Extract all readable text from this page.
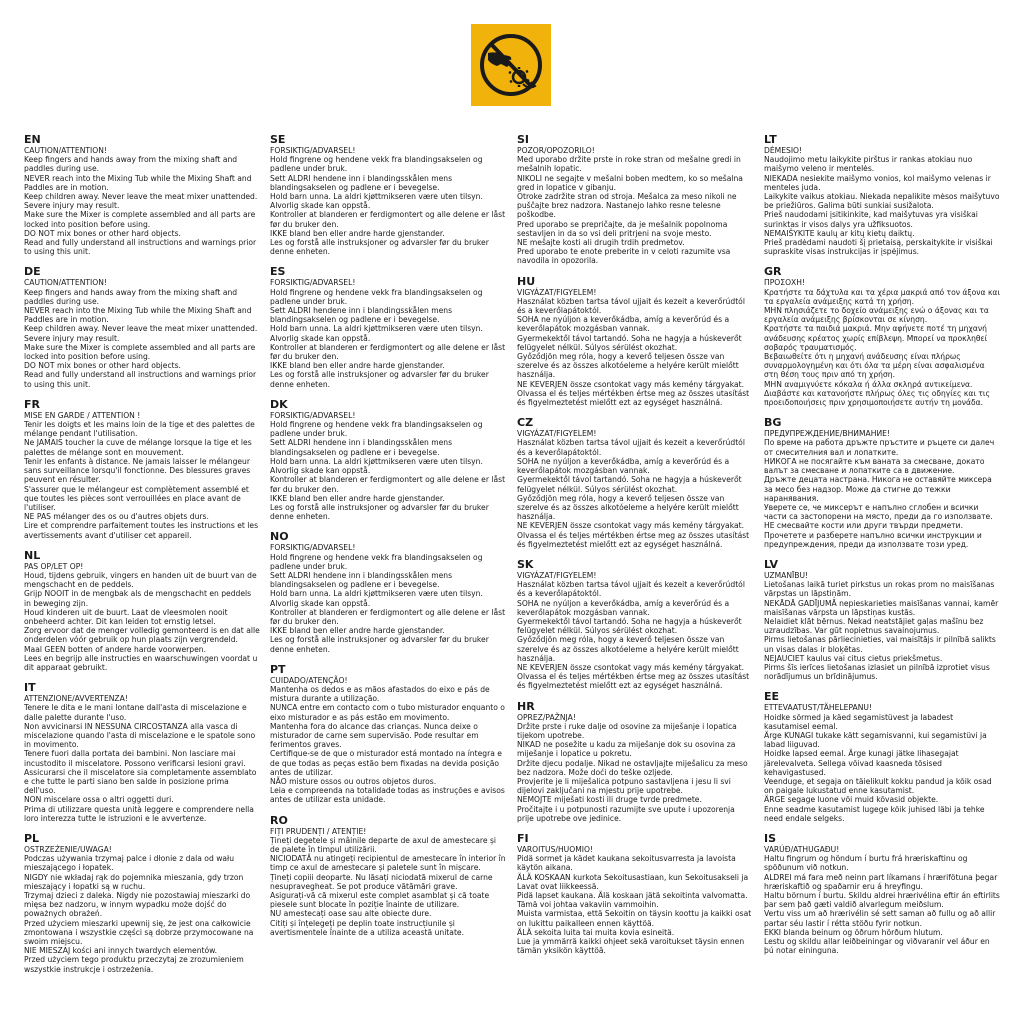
EN
CAUTION/ATTENTION!
Keep fingers and hands away from the mixing shaft and paddles during use.
NEVER reach into the Mixing Tub while the Mixing Shaft and Paddles are in motion.
Keep children away. Never leave the meat mixer unattended. Severe injury may result.
Make sure the Mixer is complete assembled and all parts are locked into position before using.
DO NOT mix bones or other hard objects.
Read and fully understand all instructions and warnings prior to using this unit.
DE
CAUTION/ATTENTION!
Keep fingers and hands away from the mixing shaft and paddles during use.
NEVER reach into the Mixing Tub while the Mixing Shaft and Paddles are in motion.
Keep children away. Never leave the meat mixer unattended. Severe injury may result.
Make sure the Mixer is complete assembled and all parts are locked into position before using.
DO NOT mix bones or other hard objects.
Read and fully understand all instructions and warnings prior to using this unit.
FR
MISE EN GARDE / ATTENTION !
Tenir les doigts et les mains loin de la tige et des palettes de mélange pendant l'utilisation.
Ne JAMAIS toucher la cuve de mélange lorsque la tige et les palettes de mélange sont en mouvement.
Tenir les enfants à distance. Ne jamais laisser le mélangeur sans surveillance lorsqu'il fonctionne. Des blessures graves peuvent en résulter.
S'assurer que le mélangeur est complètement assemblé et que toutes les pièces sont verrouillées en place avant de l'utiliser.
NE PAS mélanger des os ou d'autres objets durs.
Lire et comprendre parfaitement toutes les instructions et les avertissements avant d'utiliser cet appareil.
NL
PAS OP/LET OP!
Houd, tijdens gebruik, vingers en handen uit de buurt van de mengschacht en de peddels.
Grijp NOOIT in de mengbak als de mengschacht en peddels in beweging zijn.
Houd kinderen uit de buurt. Laat de vleesmolen nooit onbeheerd achter. Dit kan leiden tot ernstig letsel.
Zorg ervoor dat de menger volledig gemonteerd is en dat alle onderdelen vóór gebruik op hun plaats zijn vergrendeld.
Maal GEEN botten of andere harde voorwerpen.
Lees en begrijp alle instructies en waarschuwingen voordat u dit apparaat gebruikt.
IT
ATTENZIONE/AVVERTENZA!
Tenere le dita e le mani lontane dall'asta di miscelazione e dalle palette durante l'uso.
Non avvicinarsi IN NESSUNA CIRCOSTANZA alla vasca di miscelazione quando l'asta di miscelazione e le spatole sono in movimento.
Tenere fuori dalla portata dei bambini. Non lasciare mai incustodito il miscelatore. Possono verificarsi lesioni gravi.
Assicurarsi che il miscelatore sia completamente assemblato e che tutte le parti siano ben salde in posizione prima dell'uso.
NON miscelare ossa o altri oggetti duri.
Prima di utilizzare questa unità leggere e comprendere nella loro interezza tutte le istruzioni e le avvertenze.
PL
OSTRZEŻENIE/UWAGA!
Podczas używania trzymaj palce i dłonie z dala od wału mieszającego i łopatek.
NIGDY nie wkładaj rąk do pojemnika mieszania, gdy trzon mieszający i łopatki są w ruchu.
Trzymaj dzieci z daleka. Nigdy nie pozostawiaj mieszarki do mięsa bez nadzoru, w innym wypadku może dojść do poważnych obrażeń.
Przed użyciem mieszarki upewnij się, że jest ona całkowicie zmontowana i wszystkie części są dobrze przymocowane na swoim miejscu.
NIE MIESZAJ kości ani innych twardych elementów.
Przed użyciem tego produktu przeczytaj ze zrozumieniem wszystkie instrukcje i ostrzeżenia.
SE
FORSIKTIG/ADVARSEL!
Hold fingrene og hendene vekk fra blandingsakselen og padlene under bruk.
Sett ALDRI hendene inn i blandingsskålen mens blandingsakselen og padlene er i bevegelse.
Hold barn unna. La aldri kjøttmikseren være uten tilsyn. Alvorlig skade kan oppstå.
Kontroller at blanderen er ferdigmontert og alle delene er låst før du bruker den.
IKKE bland ben eller andre harde gjenstander.
Les og forstå alle instruksjoner og advarsler før du bruker denne enheten.
ES
FORSIKTIG/ADVARSEL!
Hold fingrene og hendene vekk fra blandingsakselen og padlene under bruk.
Sett ALDRI hendene inn i blandingsskålen mens blandingsakselen og padlene er i bevegelse.
Hold barn unna. La aldri kjøttmikseren være uten tilsyn. Alvorlig skade kan oppstå.
Kontroller at blanderen er ferdigmontert og alle delene er låst før du bruker den.
IKKE bland ben eller andre harde gjenstander.
Les og forstå alle instruksjoner og advarsler før du bruker denne enheten.
DK
FORSIKTIG/ADVARSEL!
Hold fingrene og hendene vekk fra blandingsakselen og padlene under bruk.
Sett ALDRI hendene inn i blandingsskålen mens blandingsakselen og padlene er i bevegelse.
Hold barn unna. La aldri kjøttmikseren være uten tilsyn. Alvorlig skade kan oppstå.
Kontroller at blanderen er ferdigmontert og alle delene er låst før du bruker den.
IKKE bland ben eller andre harde gjenstander.
Les og forstå alle instruksjoner og advarsler før du bruker denne enheten.
NO
FORSIKTIG/ADVARSEL!
Hold fingrene og hendene vekk fra blandingsakselen og padlene under bruk.
Sett ALDRI hendene inn i blandingsskålen mens blandingsakselen og padlene er i bevegelse.
Hold barn unna. La aldri kjøttmikseren være uten tilsyn. Alvorlig skade kan oppstå.
Kontroller at blanderen er ferdigmontert og alle delene er låst før du bruker den.
IKKE bland ben eller andre harde gjenstander.
Les og forstå alle instruksjoner og advarsler før du bruker denne enheten.
PT
CUIDADO/ATENÇÃO!
Mantenha os dedos e as mãos afastados do eixo e pás de mistura durante a utilização.
NUNCA entre em contacto com o tubo misturador enquanto o eixo misturador e as pás estão em movimento.
Mantenha fora do alcance das crianças. Nunca deixe o misturador de carne sem supervisão. Pode resultar em ferimentos graves.
Certifique-se de que o misturador está montado na íntegra e de que todas as peças estão bem fixadas na devida posição antes de utilizar.
NÃO misture ossos ou outros objetos duros.
Leia e compreenda na totalidade todas as instruções e avisos antes de utilizar esta unidade.
RO
FIȚI PRUDENȚI / ATENȚIE!
Țineți degetele și mâinile departe de axul de amestecare și de palete în timpul utilizării.
NICIODATĂ nu atingeți recipientul de amestecare în interior în timp ce axul de amestecare și paletele sunt în mișcare.
Țineți copiii deoparte. Nu lăsați niciodată mixerul de carne nesupravegheat. Se pot produce vătămări grave.
Asigurați-vă că mixerul este complet asamblat și că toate piesele sunt blocate în poziție înainte de utilizare.
NU amestecați oase sau alte obiecte dure.
Citiți și înțelegeți pe deplin toate instrucțiunile și avertismentele înainte de a utiliza această unitate.
SI
POZOR/OPOZORILO!
Med uporabo držite prste in roke stran od mešalne gredi in mešalnih lopatic.
NIKOLI ne segajte v mešalni boben medtem, ko so mešalna gred in lopatice v gibanju.
Otroke zadržite stran od stroja. Mešalca za meso nikoli ne puščajte brez nadzora. Nastanejo lahko resne telesne poškodbe.
Pred uporabo se prepričajte, da je mešalnik popolnoma sestavljen in da so vsi deli pritrjeni na svoje mesto.
NE mešajte kosti ali drugih trdih predmetov.
Pred uporabo te enote preberite in v celoti razumite vsa navodila in opozorila.
HU
VIGYÁZAT/FIGYELEM!
Használat közben tartsa távol ujjait és kezeit a keverőrúdtól és a keverőlapátoktól.
SOHA ne nyúljon a keverőkádba, amíg a keverőrúd és a keverőlapátok mozgásban vannak.
Gyermekektől távol tartandó. Soha ne hagyja a húskeverőt felügyelet nélkül. Súlyos sérülést okozhat.
Győződjön meg róla, hogy a keverő teljesen össze van szerelve és az összes alkotóeleme a helyére került mielőtt használja.
NE KEVERJEN össze csontokat vagy más kemény tárgyakat.
Olvassa el és teljes mértékben értse meg az összes utasítást és figyelmeztetést mielőtt ezt az egységet használná.
CZ
VIGYÁZAT/FIGYELEM!
Használat közben tartsa távol ujjait és kezeit a keverőrúdtól és a keverőlapátoktól.
SOHA ne nyúljon a keverőkádba, amíg a keverőrúd és a keverőlapátok mozgásban vannak.
Gyermekektől távol tartandó. Soha ne hagyja a húskeverőt felügyelet nélkül. Súlyos sérülést okozhat.
Győződjön meg róla, hogy a keverő teljesen össze van szerelve és az összes alkotóeleme a helyére került mielőtt használja.
NE KEVERJEN össze csontokat vagy más kemény tárgyakat.
Olvassa el és teljes mértékben értse meg az összes utasítást és figyelmeztetést mielőtt ezt az egységet használná.
SK
VIGYÁZAT/FIGYELEM!
Használat közben tartsa távol ujjait és kezeit a keverőrúdtól és a keverőlapátoktól.
SOHA ne nyúljon a keverőkádba, amíg a keverőrúd és a keverőlapátok mozgásban vannak.
Gyermekektől távol tartandó. Soha ne hagyja a húskeverőt felügyelet nélkül. Súlyos sérülést okozhat.
Győződjön meg róla, hogy a keverő teljesen össze van szerelve és az összes alkotóeleme a helyére került mielőtt használja.
NE KEVERJEN össze csontokat vagy más kemény tárgyakat.
Olvassa el és teljes mértékben értse meg az összes utasítást és figyelmeztetést mielőtt ezt az egységet használná.
HR
OPREZ/PAŽNJA!
Držite prste i ruke dalje od osovine za miješanje i lopatica tijekom upotrebe.
NIKAD ne posežite u kadu za miješanje dok su osovina za miješanje i lopatice u pokretu.
Držite djecu podalje. Nikad ne ostavljajte miješalicu za meso bez nadzora. Može doći do teške ozljede.
Provjerite je li miješalica potpuno sastavljena i jesu li svi dijelovi zaključani na mjestu prije upotrebe.
NEMOJTE miješati kosti ili druge tvrde predmete.
Pročitajte i u potpunosti razumijte sve upute i upozorenja prije upotrebe ove jedinice.
FI
VAROITUS/HUOMIO!
Pidä sormet ja kädet kaukana sekoitusvarresta ja lavoista käytön aikana.
ÄLÄ KOSKAAN kurkota Sekoitusastiaan, kun Sekoitusakseli ja Lavat ovat liikkeessä.
Pidä lapset kaukana. Älä koskaan jätä sekoitinta valvomatta. Tämä voi johtaa vakaviin vammoihin.
Muista varmistaa, että Sekoitin on täysin koottu ja kaikki osat on lukittu paikalleen ennen käyttöä.
ÄLÄ sekoita luita tai muita kovia esineitä.
Lue ja ymmärrä kaikki ohjeet sekä varoitukset täysin ennen tämän yksikön käyttöä.
LT
DĖMESIO!
Naudojimo metu laikykite pirštus ir rankas atokiau nuo maišymo veleno ir mentelės.
NIEKADA nesiekite maišymo vonios, kol maišymo velenas ir menteles juda.
Laikykite vaikus atokiau. Niekada nepalikite mėsos maišytuvo be priežiūros. Galima būti sunkiai susižalota.
Prieš naudodami įsitikinkite, kad maišytuvas yra visiškai surinktas ir visos dalys yra užfiksuotos.
NEMAIŠYKITE kaulų ar kitų kietų daiktų.
Prieš pradėdami naudoti šį prietaisą, perskaitykite ir visiškai supraskite visas instrukcijas ir įspėjimus.
GR
ΠΡΟΣΟΧΗ!
Κρατήστε τα δάχτυλα και τα χέρια μακριά από τον άξονα και τα εργαλεία ανάμειξης κατά τη χρήση.
ΜΗΝ πλησιάζετε το δοχείο ανάμειξης ενώ ο άξονας και τα εργαλεία ανάμειξης βρίσκονται σε κίνηση.
Κρατήστε τα παιδιά μακριά. Μην αφήνετε ποτέ τη μηχανή ανάδευσης κρέατος χωρίς επίβλεψη. Μπορεί να προκληθεί σοβαρός τραυματισμός.
Βεβαιωθείτε ότι η μηχανή ανάδευσης είναι πλήρως συναρμολογημένη και ότι όλα τα μέρη είναι ασφαλισμένα στη θέση τους πριν από τη χρήση.
ΜΗΝ αναμιγνύετε κόκαλα ή άλλα σκληρά αντικείμενα.
Διαβάστε και κατανοήστε πλήρως όλες τις οδηγίες και τις προειδοποιήσεις πριν χρησιμοποιήσετε αυτήν τη μονάδα.
BG
ПРЕДУПРЕЖДЕНИЕ/ВНИМАНИЕ!
По време на работа дръжте пръстите и ръцете си далеч от смесителния вал и лопатките.
НИКОГА не посягайте към ваната за смесване, докато валът за смесване и лопатките са в движение.
Дръжте децата настрана. Никога не оставяйте миксера за месо без надзор. Може да стигне до тежки наранявания.
Уверете се, че миксерът е напълно сглобен и всички части са застопорени на място, преди да го използвате.
НЕ смесвайте кости или други твърди предмети.
Прочетете и разберете напълно всички инструкции и предупреждения, преди да използвате този уред.
LV
UZMANĪBU!
Lietošanas laikā turiet pirkstus un rokas prom no maisīšanas vārpstas un lāpstiņām.
NEKĀDĀ GADĪJUMĀ nepieskarieties maisīšanas vannai, kamēr maisīšanas vārpsta un lāpstiņas kustās.
Nelaidiet klāt bērnus. Nekad neatstājiet gaļas mašīnu bez uzraudzības. Var gūt nopietnus savainojumus.
Pirms lietošanas pārliecinieties, vai maisītājs ir pilnībā salikts un visas dalas ir bloķētas.
NEJAUCIET kaulus vai citus cietus priekšmetus.
Pirms šīs ierīces lietošanas izlasiet un pilnībā izprotiet visus norādījumus un brīdinājumus.
EE
ETTEVAATUST/TÄHELEPANU!
Hoidke sõrmed ja käed segamistüvest ja labadest kasutamisel eemal.
Ärge KUNAGI tukake kätt segamisvanni, kui segamistüvi ja labad liiguvad.
Hoidke lapsed eemal. Ärge kunagi jätke lihasegajat järelevalveta. Sellega võivad kaasneda tõsised kehavigastused.
Veenduge, et segaja on täielikult kokku pandud ja kõik osad on paigale lukustatud enne kasutamist.
ÄRGE segage luone või muid kõvasid objekte.
Enne seadme kasutamist lugege kõik juhised läbi ja tehke need endale selgeks.
IS
VARÚÐ/ATHUGAÐU!
Haltu fingrum og höndum í burtu frá hræriskaftinu og spöðunum við notkun.
ALDREI má fara með neinn part líkamans í hrærifötuna þegar hræriskaftið og spaðarnir eru á hreyfingu.
Haltu börnum í burtu. Skildu aldrei hrærivélina eftir án eftirlits þar sem það gæti valdið alvarlegum meiðslum.
Vertu viss um að hrærivélin sé sett saman að fullu og að allir partar séu lastir í rétta stöðu fyrir notkun.
EKKI blanda beinum og öðrum hörðum hlutum.
Lestu og skildu allar leiðbeiningar og viðvaranir vel áður en þú notar eininguna.
